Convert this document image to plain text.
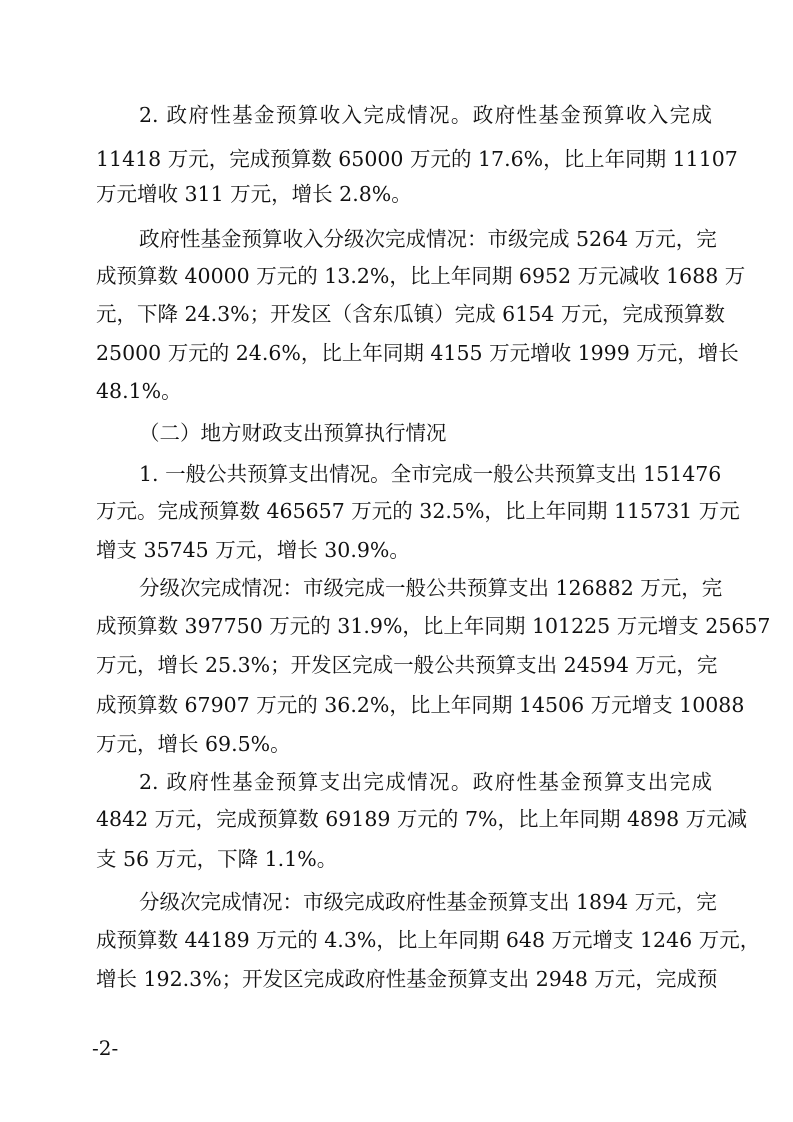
2. 政府性基金预算收入完成情况。政府性基金预算收入完成
11418 万元，完成预算数 65000 万元的 17.6%，比上年同期 11107
万元增收 311 万元，增长 2.8%。
政府性基金预算收入分级次完成情况：市级完成 5264 万元，完
成预算数 40000 万元的 13.2%，比上年同期 6952 万元减收 1688 万
元，下降 24.3%；开发区（含东瓜镇）完成 6154 万元，完成预算数
25000 万元的 24.6%，比上年同期 4155 万元增收 1999 万元，增长
48.1%。
（二）地方财政支出预算执行情况
1. 一般公共预算支出情况。全市完成一般公共预算支出 151476
万元。完成预算数 465657 万元的 32.5%，比上年同期 115731 万元
增支 35745 万元，增长 30.9%。
分级次完成情况：市级完成一般公共预算支出 126882 万元，完
成预算数 397750 万元的 31.9%，比上年同期 101225 万元增支 25657
万元，增长 25.3%；开发区完成一般公共预算支出 24594 万元，完
成预算数 67907 万元的 36.2%，比上年同期 14506 万元增支 10088
万元，增长 69.5%。
2. 政府性基金预算支出完成情况。政府性基金预算支出完成
4842 万元，完成预算数 69189 万元的 7%，比上年同期 4898 万元减
支 56 万元，下降 1.1%。
分级次完成情况：市级完成政府性基金预算支出 1894 万元，完
成预算数 44189 万元的 4.3%，比上年同期 648 万元增支 1246 万元，
增长 192.3%；开发区完成政府性基金预算支出 2948 万元，完成预
-2-
